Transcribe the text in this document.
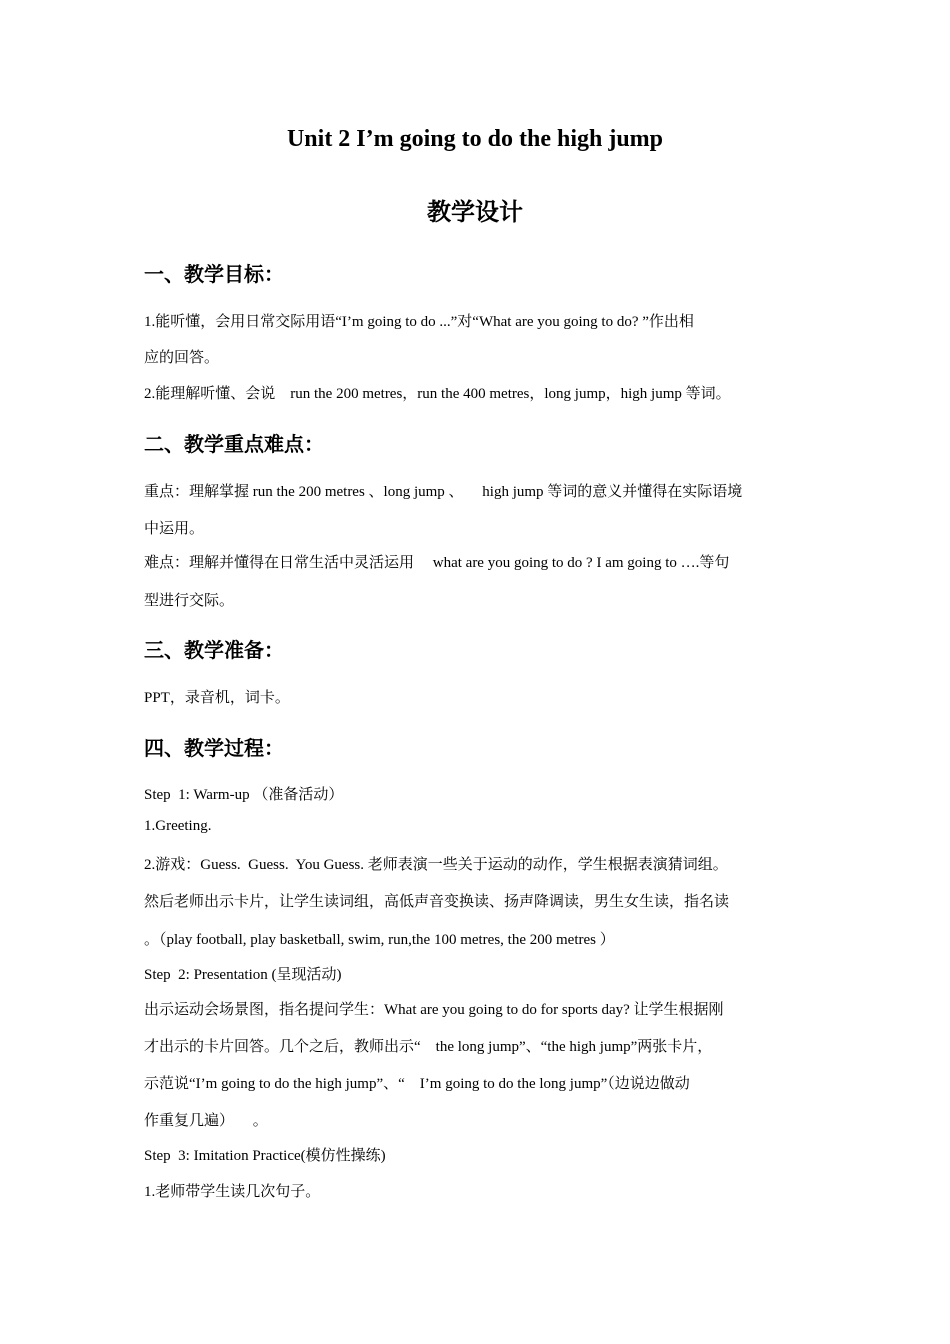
Unit 2 I’m going to do the high jump
教学设计
一、教学目标：
1.能听懂，会用日常交际用语“I’m going to do ...”对“What are you going to do? ”作出相
应的回答。
2.能理解听懂、会说    run the 200 metres，run the 400 metres，long jump，high jump 等词。
二、教学重点难点：
重点：理解掌握 run the 200 metres 、long jump 、     high jump 等词的意义并懂得在实际语境
中运用。
难点：理解并懂得在日常生活中灵活运用     what are you going to do ? I am going to ….等句
型进行交际。
三、教学准备：
PPT，录音机，词卡。
四、教学过程：
Step  1: Warm-up （准备活动）
1.Greeting.
2.游戏：Guess.  Guess.  You Guess. 老师表演一些关于运动的动作，学生根据表演猜词组。
然后老师出示卡片，让学生读词组，高低声音变换读、扬声降调读，男生女生读，指名读
。（play football, play basketball, swim, run,the 100 metres, the 200 metres ）
Step  2: Presentation (呈现活动)
出示运动会场景图，指名提问学生：What are you going to do for sports day? 让学生根据刚
才出示的卡片回答。几个之后，教师出示“    the long jump”、“the high jump”两张卡片，
示范说“I’m going to do the high jump”、“    I’m going to do the long jump”（边说边做动
作重复几遍）     。
Step  3: Imitation Practice(模仿性操练)
1.老师带学生读几次句子。
